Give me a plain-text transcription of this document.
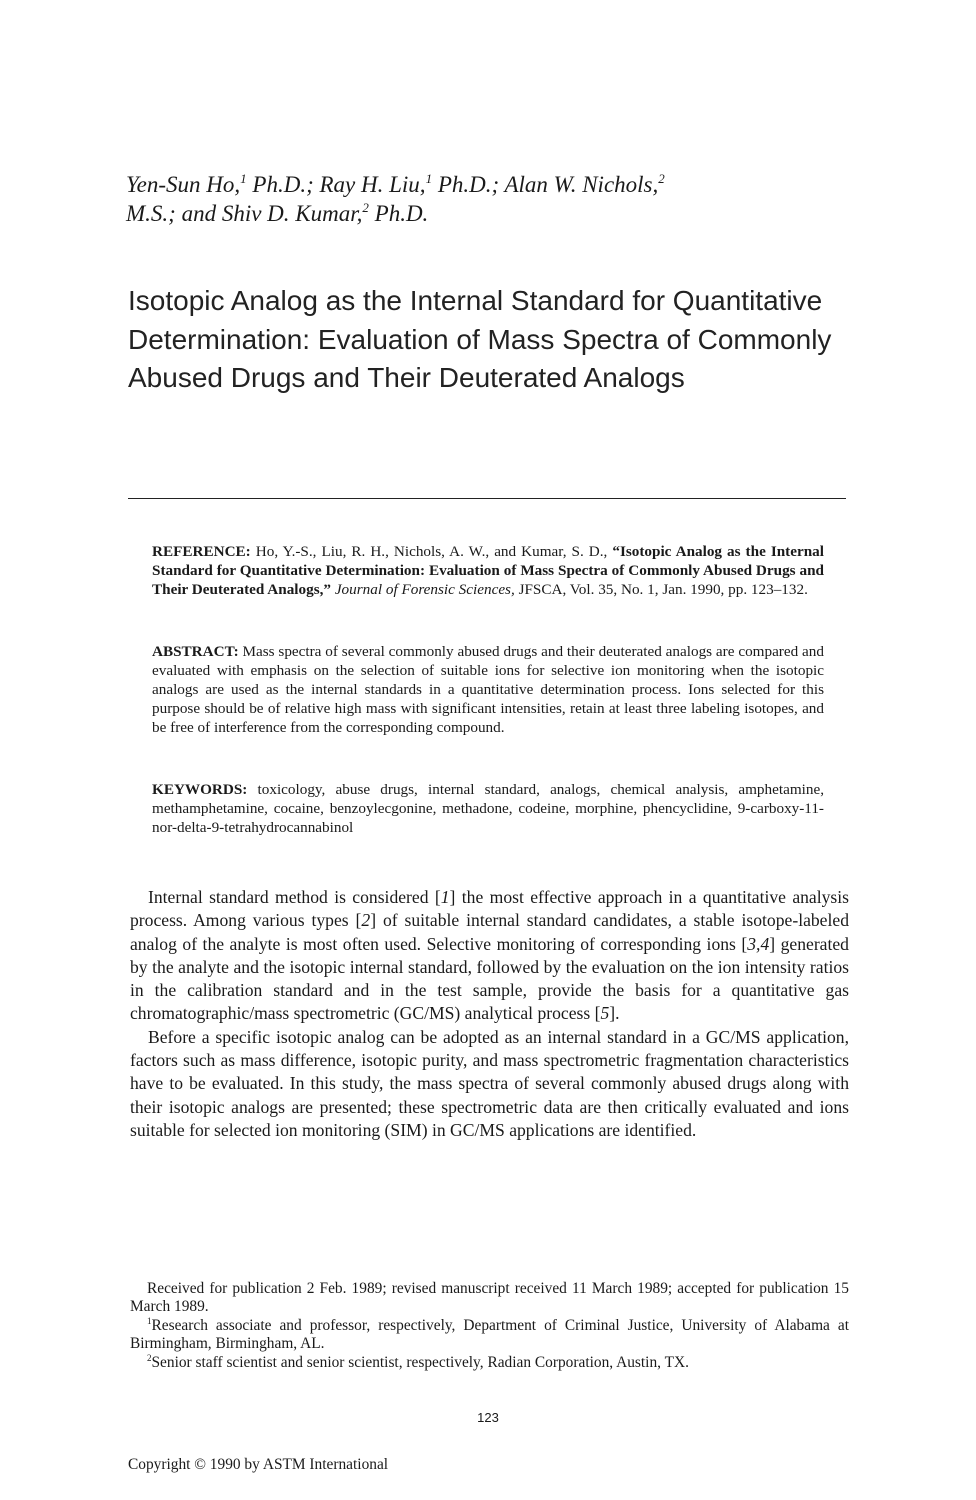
Yen-Sun Ho,$^1$ Ph.D.; Ray H. Liu,$^1$ Ph.D.; Alan W. Nichols,$^2$
M.S.; and Shiv D. Kumar,$^2$ Ph.D.
Isotopic Analog as the Internal Standard for Quantitative Determination: Evaluation of Mass Spectra of Commonly Abused Drugs and Their Deuterated Analogs
REFERENCE: Ho, Y.-S., Liu, R. H., Nichols, A. W., and Kumar, S. D., “Isotopic Analog as the Internal Standard for Quantitative Determination: Evaluation of Mass Spectra of Commonly Abused Drugs and Their Deuterated Analogs,” Journal of Forensic Sciences, JFSCA, Vol. 35, No. 1, Jan. 1990, pp. 123–132.
ABSTRACT: Mass spectra of several commonly abused drugs and their deuterated analogs are compared and evaluated with emphasis on the selection of suitable ions for selective ion monitoring when the isotopic analogs are used as the internal standards in a quantitative determination process. Ions selected for this purpose should be of relative high mass with significant intensities, retain at least three labeling isotopes, and be free of interference from the corresponding compound.
KEYWORDS: toxicology, abuse drugs, internal standard, analogs, chemical analysis, amphetamine, methamphetamine, cocaine, benzoylecgonine, methadone, codeine, morphine, phencyclidine, 9-carboxy-11-nor-delta-9-tetrahydrocannabinol

Internal standard method is considered [1] the most effective approach in a quantitative analysis process. Among various types [2] of suitable internal standard candidates, a stable isotope-labeled analog of the analyte is most often used. Selective monitoring of corresponding ions [3,4] generated by the analyte and the isotopic internal standard, followed by the evaluation on the ion intensity ratios in the calibration standard and in the test sample, provide the basis for a quantitative gas chromatographic/mass spectrometric (GC/MS) analytical process [5].

Before a specific isotopic analog can be adopted as an internal standard in a GC/MS application, factors such as mass difference, isotopic purity, and mass spectrometric fragmentation characteristics have to be evaluated. In this study, the mass spectra of several commonly abused drugs along with their isotopic analogs are presented; these spectrometric data are then critically evaluated and ions suitable for selected ion monitoring (SIM) in GC/MS applications are identified.

Received for publication 2 Feb. 1989; revised manuscript received 11 March 1989; accepted for publication 15 March 1989.

$^1$Research associate and professor, respectively, Department of Criminal Justice, University of Alabama at Birmingham, Birmingham, AL.

$^2$Senior staff scientist and senior scientist, respectively, Radian Corporation, Austin, TX.

123
Copyright © 1990 by ASTM International
